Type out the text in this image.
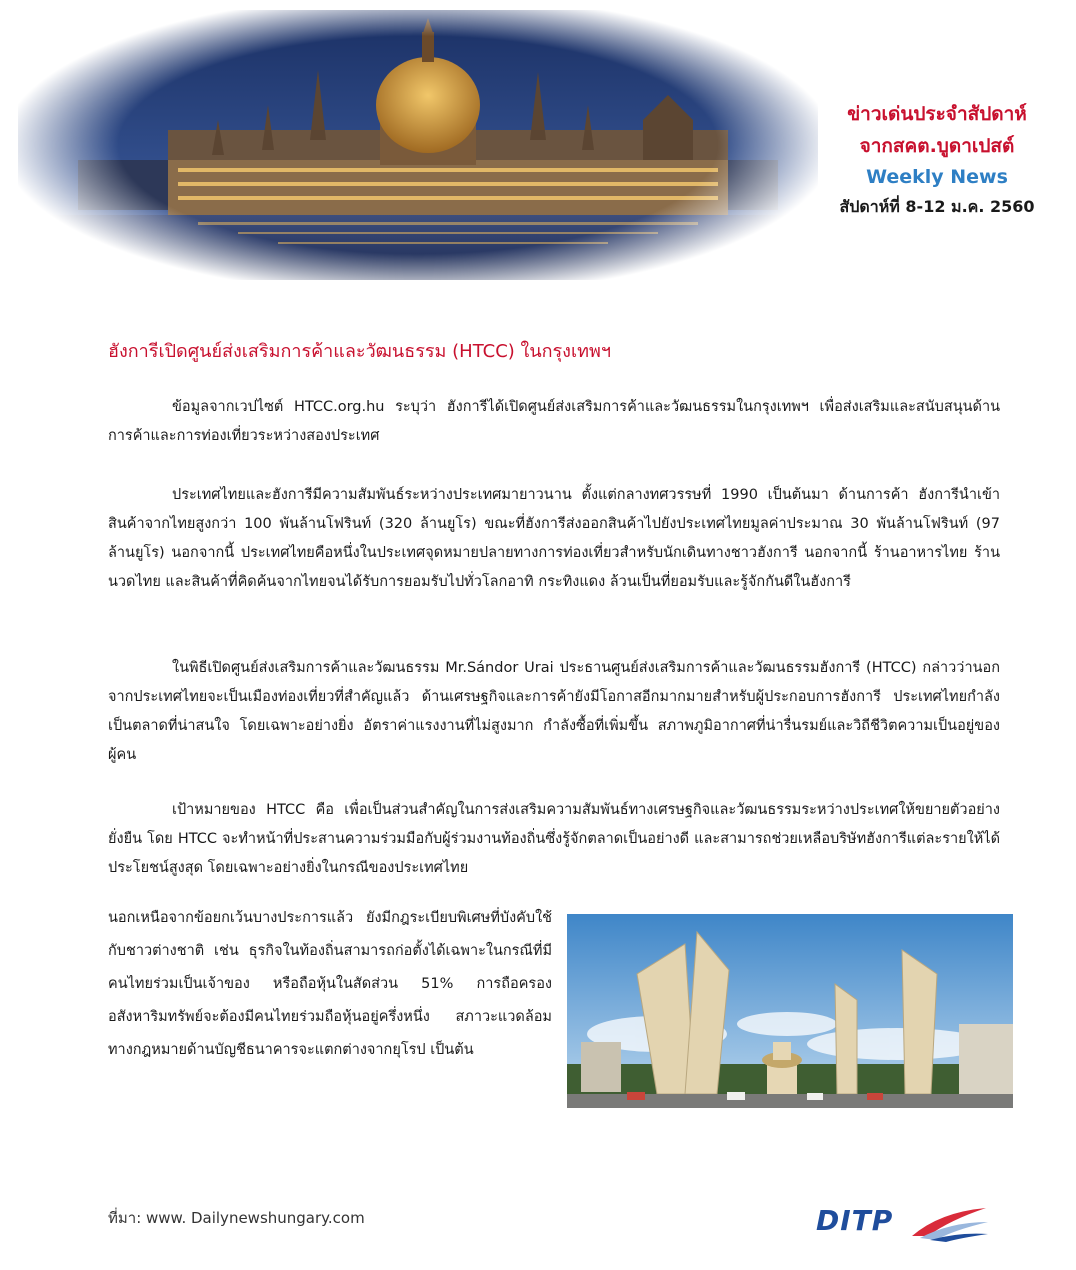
ข่าวเด่นประจำสัปดาห์
จากสคต.บูดาเปสต์
Weekly News
สัปดาห์ที่ 8-12 ม.ค. 2560
ฮังการีเปิดศูนย์ส่งเสริมการค้าและวัฒนธรรม (HTCC) ในกรุงเทพฯ

ข้อมูลจากเวปไซต์ HTCC.org.hu ระบุว่า ฮังการีได้เปิดศูนย์ส่งเสริมการค้าและวัฒนธรรมในกรุงเทพฯ เพื่อส่งเสริมและสนับสนุนด้านการค้าและการท่องเที่ยวระหว่างสองประเทศ

ประเทศไทยและฮังการีมีความสัมพันธ์ระหว่างประเทศมายาวนาน ตั้งแต่กลางทศวรรษที่ 1990 เป็นต้นมา ด้านการค้า ฮังการีนำเข้าสินค้าจากไทยสูงกว่า 100 พันล้านโฟรินท์ (320 ล้านยูโร) ขณะที่ฮังการีส่งออกสินค้าไปยังประเทศไทยมูลค่าประมาณ 30 พันล้านโฟรินท์ (97 ล้านยูโร) นอกจากนี้ ประเทศไทยคือหนึ่งในประเทศจุดหมายปลายทางการท่องเที่ยวสำหรับนักเดินทางชาวฮังการี นอกจากนี้ ร้านอาหารไทย ร้านนวดไทย และสินค้าที่คิดค้นจากไทยจนได้รับการยอมรับไปทั่วโลกอาทิ กระทิงแดง ล้วนเป็นที่ยอมรับและรู้จักกันดีในฮังการี

ในพิธีเปิดศูนย์ส่งเสริมการค้าและวัฒนธรรม Mr.Sándor Urai ประธานศูนย์ส่งเสริมการค้าและวัฒนธรรมฮังการี (HTCC) กล่าวว่านอกจากประเทศไทยจะเป็นเมืองท่องเที่ยวที่สำคัญแล้ว ด้านเศรษฐกิจและการค้ายังมีโอกาสอีกมากมายสำหรับผู้ประกอบการฮังการี ประเทศไทยกำลังเป็นตลาดที่น่าสนใจ โดยเฉพาะอย่างยิ่ง อัตราค่าแรงงานที่ไม่สูงมาก กำลังซื้อที่เพิ่มขึ้น สภาพภูมิอากาศที่น่ารื่นรมย์และวิถีชีวิตความเป็นอยู่ของผู้คน

เป้าหมายของ HTCC คือ เพื่อเป็นส่วนสำคัญในการส่งเสริมความสัมพันธ์ทางเศรษฐกิจและวัฒนธรรมระหว่างประเทศให้ขยายตัวอย่างยั่งยืน โดย HTCC จะทำหน้าที่ประสานความร่วมมือกับผู้ร่วมงานท้องถิ่นซึ่งรู้จักตลาดเป็นอย่างดี และสามารถช่วยเหลือบริษัทฮังการีแต่ละรายให้ได้ประโยชน์สูงสุด โดยเฉพาะอย่างยิ่งในกรณีของประเทศไทย

นอกเหนือจากข้อยกเว้นบางประการแล้ว ยังมีกฎระเบียบพิเศษที่บังคับใช้กับชาวต่างชาติ เช่น ธุรกิจในท้องถิ่นสามารถก่อตั้งได้เฉพาะในกรณีที่มีคนไทยร่วมเป็นเจ้าของ หรือถือหุ้นในสัดส่วน 51% การถือครองอสังหาริมทรัพย์จะต้องมีคนไทยร่วมถือหุ้นอยู่ครึ่งหนึ่ง สภาวะแวดล้อมทางกฎหมายด้านบัญชีธนาคารจะแตกต่างจากยุโรป เป็นต้น

ที่มา: www. Dailynewshungary.com	DITP
